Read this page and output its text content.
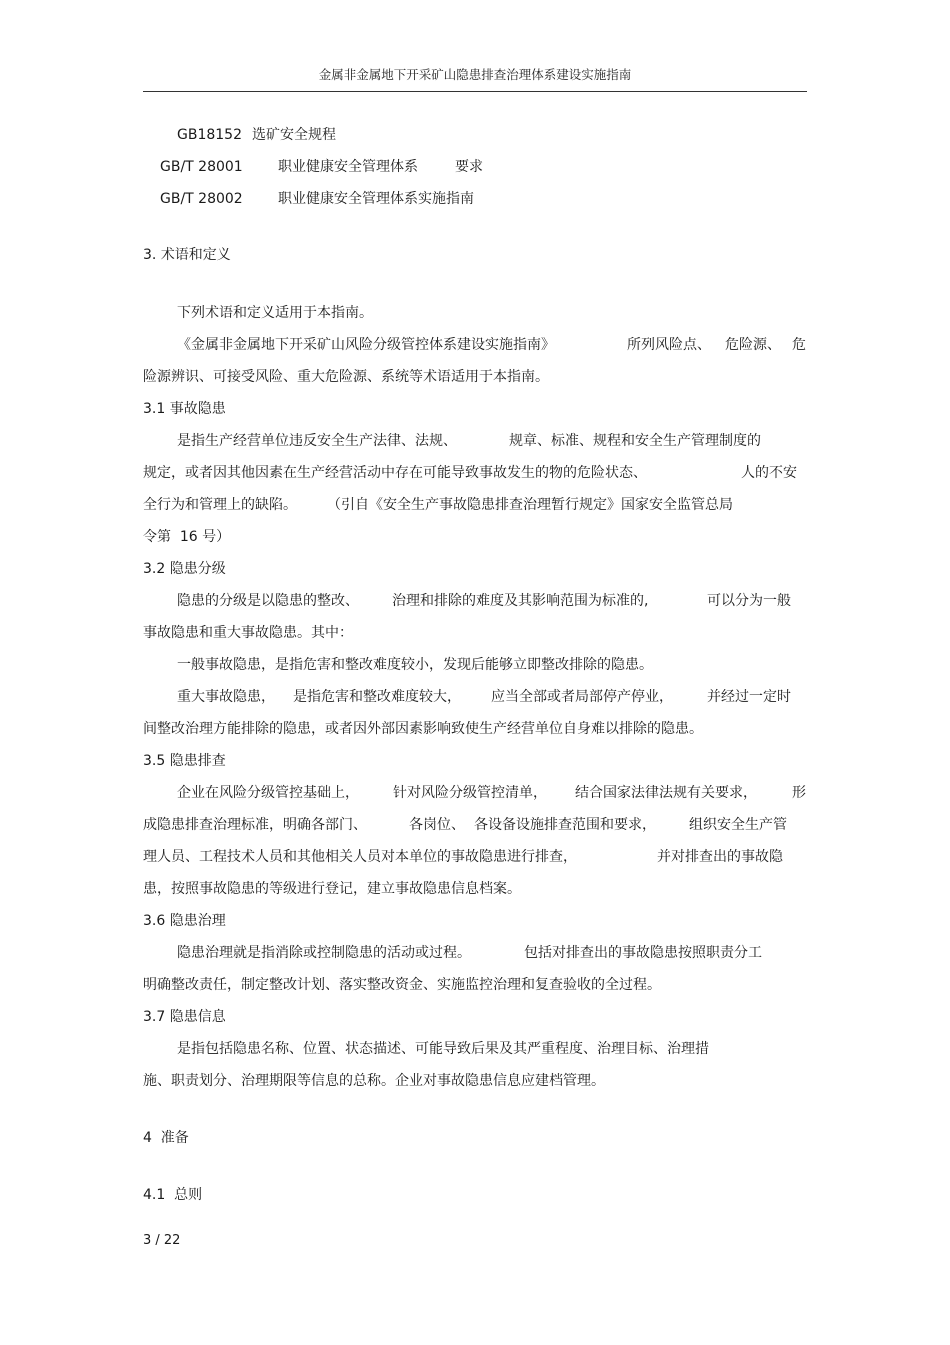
金属非金属地下开采矿山隐患排查治理体系建设实施指南
GB18152 选矿安全规程
GB/T 28001	职业健康安全管理体系	要求
GB/T 28002	职业健康安全管理体系实施指南
3. 术语和定义
下列术语和定义适用于本指南。
《金属非金属地下开采矿山风险分级管控体系建设实施指南》	所列风险点、 危险源、 危
险源辨识、可接受风险、重大危险源、系统等术语适用于本指南。
3.1 事故隐患
是指生产经营单位违反安全生产法律、法规、	规章、标准、规程和安全生产管理制度的
规定，或者因其他因素在生产经营活动中存在可能导致事故发生的物的危险状态、	人的不安
全行为和管理上的缺陷。 （引自《安全生产事故隐患排查治理暂行规定》国家安全监管总局
令第  16 号）
3.2 隐患分级
隐患的分级是以隐患的整改、 治理和排除的难度及其影响范围为标准的,	可以分为一般
事故隐患和重大事故隐患。其中：
一般事故隐患，是指危害和整改难度较小，发现后能够立即整改排除的隐患。
重大事故隐患， 是指危害和整改难度较大， 应当全部或者局部停产停业， 并经过一定时
间整改治理方能排除的隐患，或者因外部因素影响致使生产经营单位自身难以排除的隐患。
3.5 隐患排查
企业在风险分级管控基础上， 针对风险分级管控清单， 结合国家法律法规有关要求，	形
成隐患排查治理标准，明确各部门、	各岗位、 各设备设施排查范围和要求， 组织安全生产管
理人员、工程技术人员和其他相关人员对本单位的事故隐患进行排查，	并对排查出的事故隐
患，按照事故隐患的等级进行登记，建立事故隐患信息档案。
3.6 隐患治理
隐患治理就是指消除或控制隐患的活动或过程。	包括对排查出的事故隐患按照职责分工
明确整改责任，制定整改计划、落实整改资金、实施监控治理和复查验收的全过程。
3.7 隐患信息
是指包括隐患名称、位置、状态描述、可能导致后果及其严重程度、治理目标、治理措
施、职责划分、治理期限等信息的总称。企业对事故隐患信息应建档管理。
4  准备
4.1  总则
3 / 22
